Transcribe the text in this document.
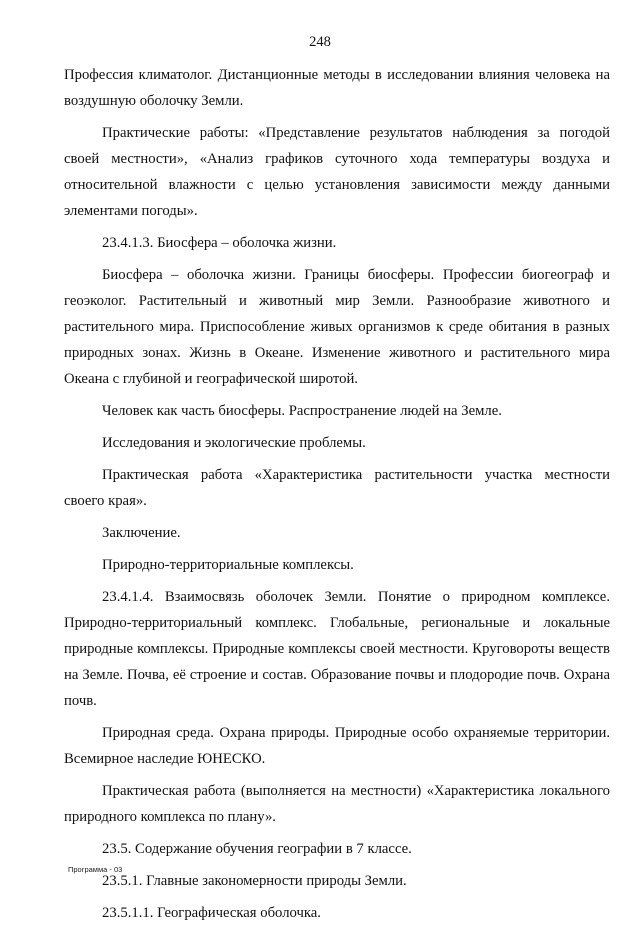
248

Профессия климатолог. Дистанционные методы в исследовании влияния человека на воздушную оболочку Земли.

Практические работы: «Представление результатов наблюдения за погодой своей местности», «Анализ графиков суточного хода температуры воздуха и относительной влажности с целью установления зависимости между данными элементами погоды».

23.4.1.3. Биосфера – оболочка жизни.

Биосфера – оболочка жизни. Границы биосферы. Профессии биогеограф и геоэколог. Растительный и животный мир Земли. Разнообразие животного и растительного мира. Приспособление живых организмов к среде обитания в разных природных зонах. Жизнь в Океане. Изменение животного и растительного мира Океана с глубиной и географической широтой.

Человек как часть биосферы. Распространение людей на Земле.

Исследования и экологические проблемы.

Практическая работа «Характеристика растительности участка местности своего края».

Заключение.

Природно-территориальные комплексы.

23.4.1.4. Взаимосвязь оболочек Земли. Понятие о природном комплексе. Природно-территориальный комплекс. Глобальные, региональные и локальные природные комплексы. Природные комплексы своей местности. Круговороты веществ на Земле. Почва, её строение и состав. Образование почвы и плодородие почв. Охрана почв.

Природная среда. Охрана природы. Природные особо охраняемые территории. Всемирное наследие ЮНЕСКО.

Практическая работа (выполняется на местности) «Характеристика локального природного комплекса по плану».

23.5. Содержание обучения географии в 7 классе.

23.5.1. Главные закономерности природы Земли.

23.5.1.1. Географическая оболочка.

Программа - 03
